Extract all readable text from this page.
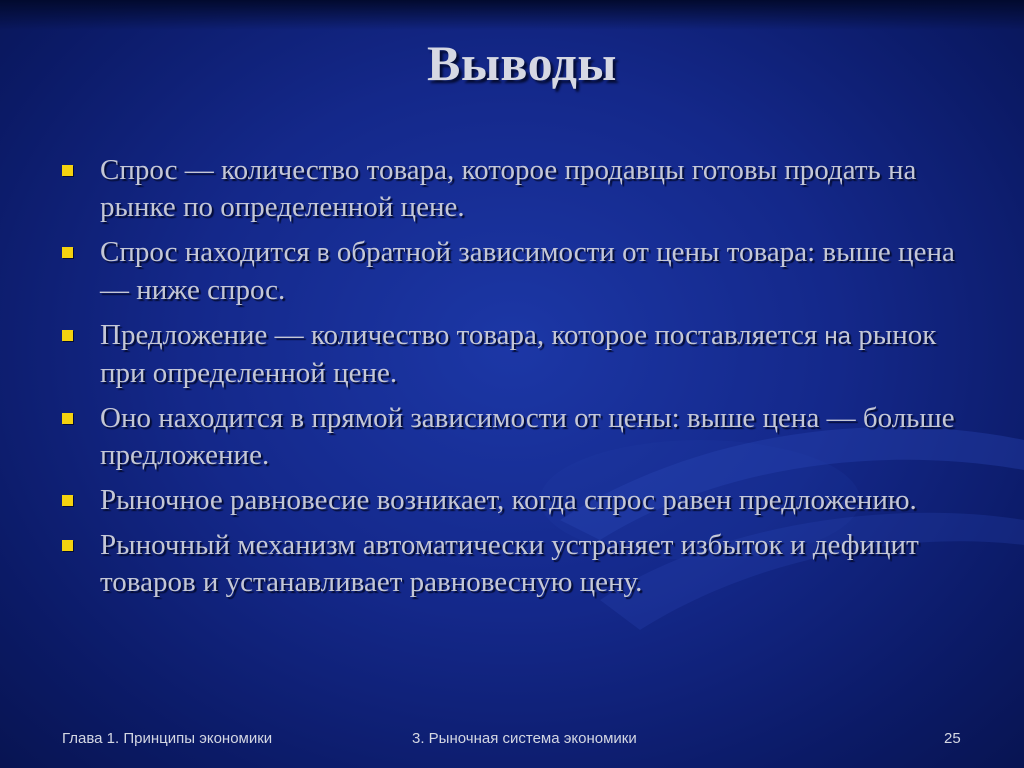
Выводы
Спрос — количество товара, которое продавцы готовы продать на рынке по определенной цене.
Спрос находится в обратной зависимости от цены товара: выше цена — ниже спрос.
Предложение — количество товара, которое поставляется на рынок при определенной цене.
Оно находится в прямой зависимости от цены: выше цена — больше предложение.
Рыночное равновесие возникает, когда спрос равен предложению.
Рыночный механизм автоматически устраняет избыток и дефицит товаров и устанавливает равновесную цену.
Глава 1. Принципы экономики	3. Рыночная система экономики	25
